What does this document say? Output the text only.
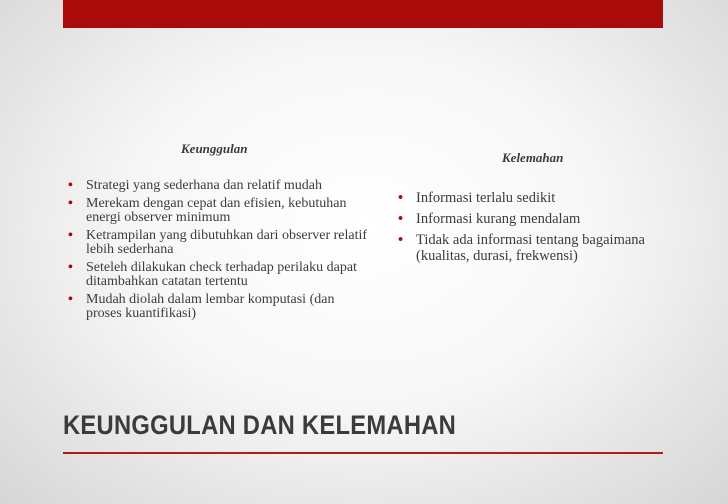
Keunggulan
Kelemahan
• Strategi yang sederhana dan relatif mudah
• Merekam dengan cepat dan efisien, kebutuhan energi observer minimum
• Ketrampilan yang dibutuhkan dari observer relatif lebih sederhana
• Seteleh dilakukan check terhadap perilaku dapat ditambahkan catatan tertentu
• Mudah diolah dalam lembar komputasi (dan proses kuantifikasi)
• Informasi terlalu sedikit
• Informasi kurang mendalam
• Tidak ada informasi tentang bagaimana (kualitas, durasi, frekwensi)
KEUNGGULAN DAN KELEMAHAN
